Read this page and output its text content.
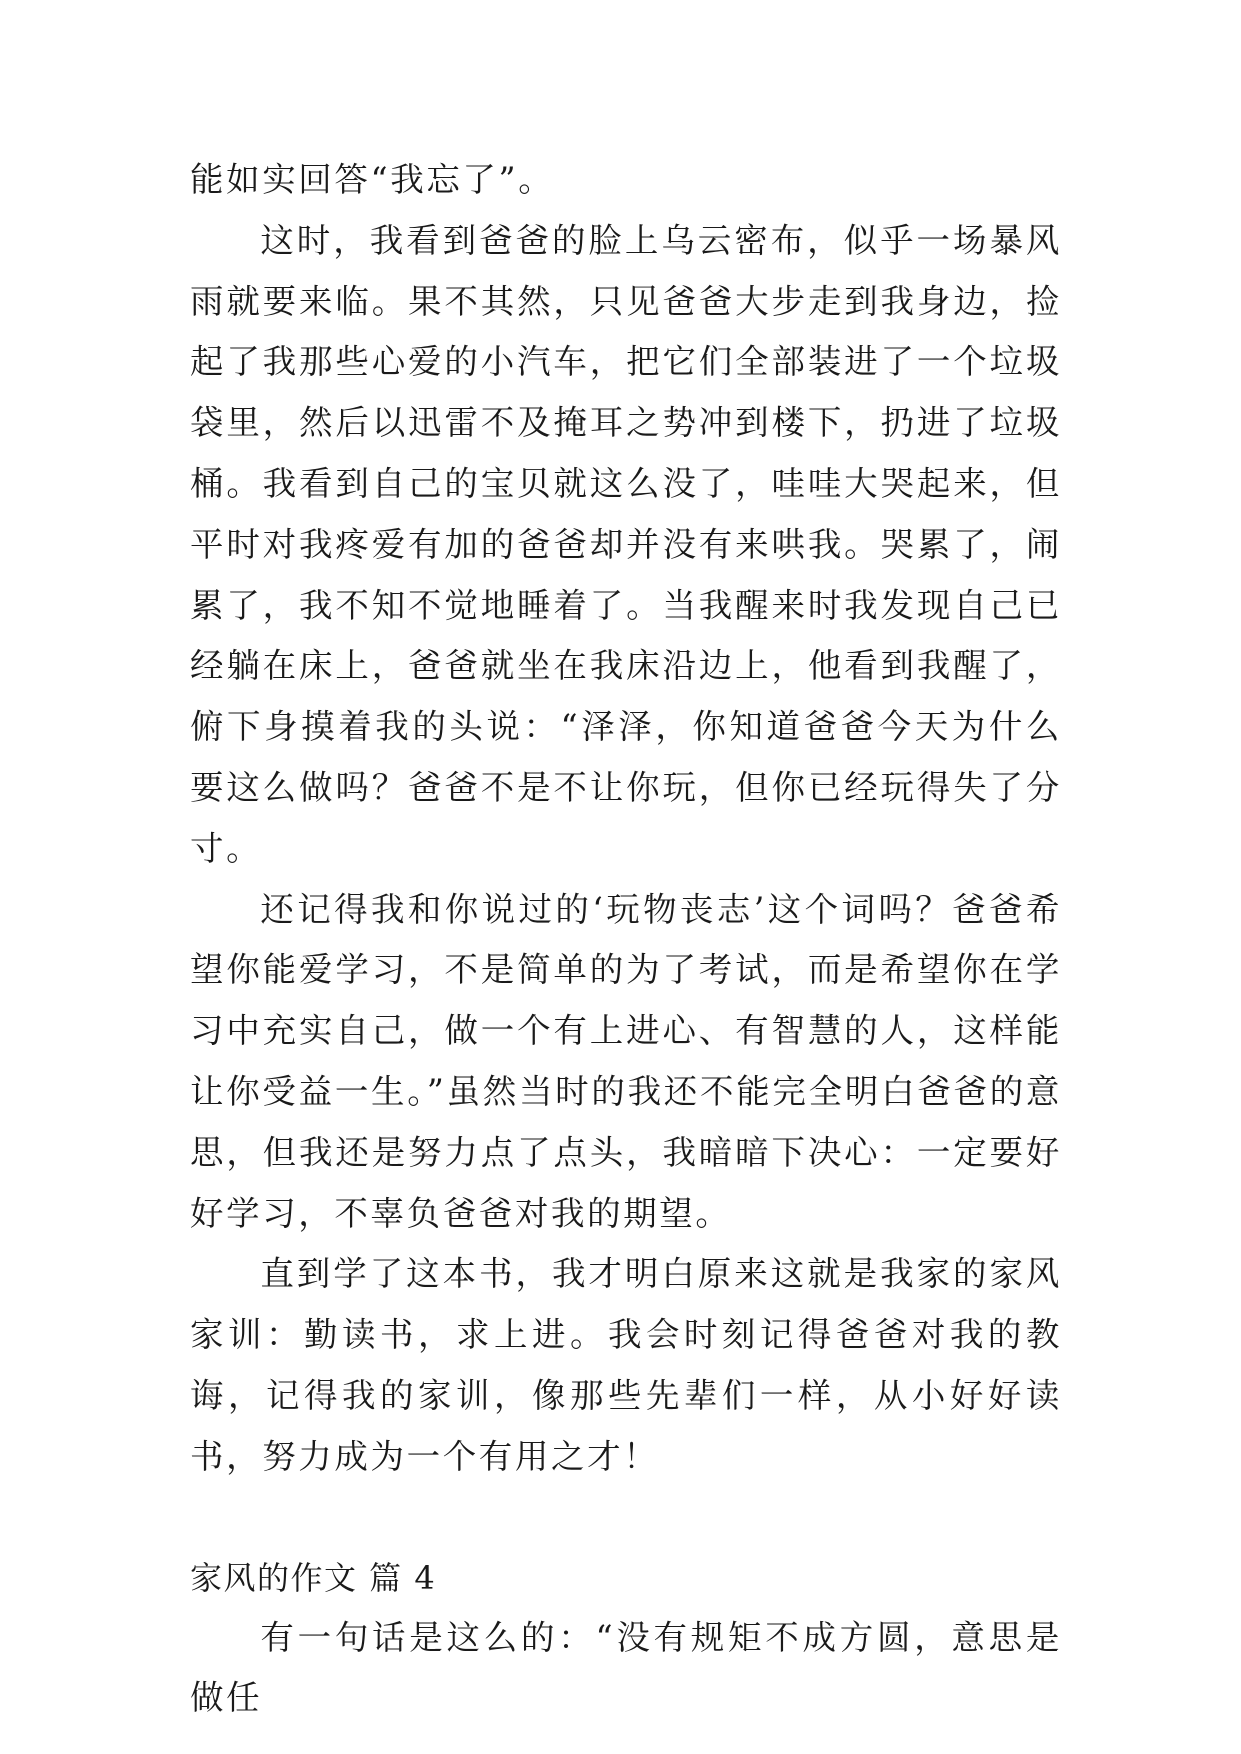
能如实回答“我忘了”。

这时，我看到爸爸的脸上乌云密布，似乎一场暴风雨就要来临。果不其然，只见爸爸大步走到我身边，捡起了我那些心爱的小汽车，把它们全部装进了一个垃圾袋里，然后以迅雷不及掩耳之势冲到楼下，扔进了垃圾桶。我看到自己的宝贝就这么没了，哇哇大哭起来，但平时对我疼爱有加的爸爸却并没有来哄我。哭累了，闹累了，我不知不觉地睡着了。当我醒来时我发现自己已经躺在床上，爸爸就坐在我床沿边上，他看到我醒了，俯下身摸着我的头说：“泽泽，你知道爸爸今天为什么要这么做吗？爸爸不是不让你玩，但你已经玩得失了分寸。

还记得我和你说过的‘玩物丧志’这个词吗？爸爸希望你能爱学习，不是简单的为了考试，而是希望你在学习中充实自己，做一个有上进心、有智慧的人，这样能让你受益一生。”虽然当时的我还不能完全明白爸爸的意思，但我还是努力点了点头，我暗暗下决心：一定要好好学习，不辜负爸爸对我的期望。

直到学了这本书，我才明白原来这就是我家的家风家训：勤读书，求上进。我会时刻记得爸爸对我的教诲，记得我的家训，像那些先辈们一样，从小好好读书，努力成为一个有用之才！

家风的作文 篇 4

有一句话是这么的：“没有规矩不成方圆，意思是做任
